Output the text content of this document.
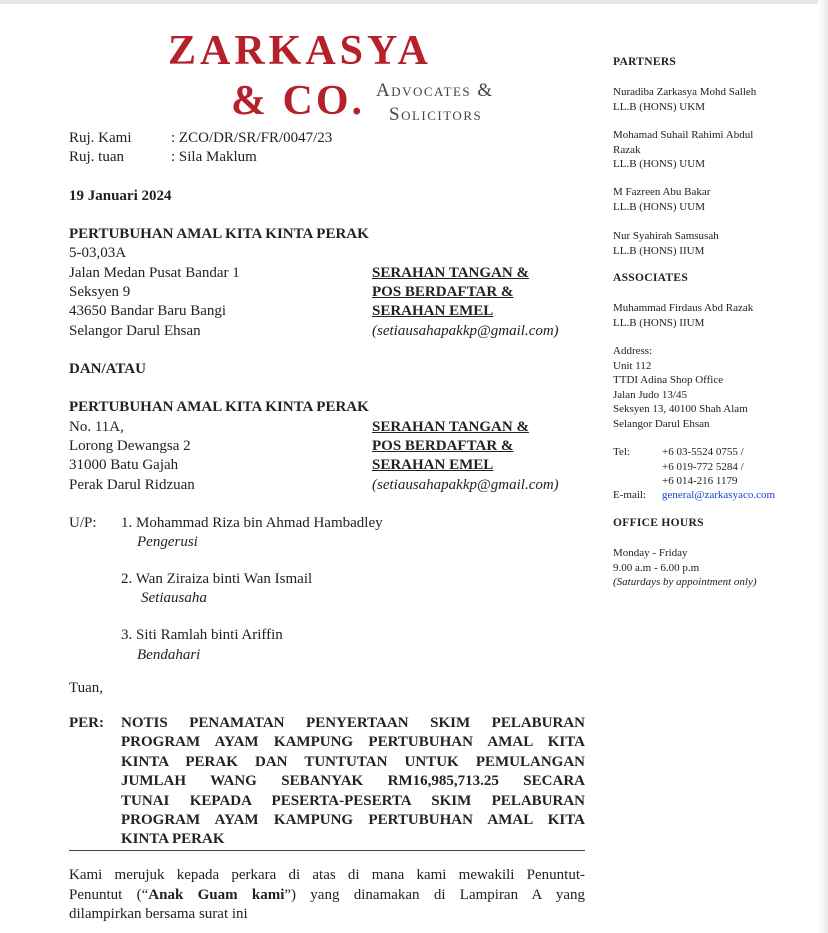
ZARKASYA
& CO. Advocates &
Solicitors
Ruj. Kami	: ZCO/DR/SR/FR/0047/23
Ruj. tuan	: Sila Maklum
19 Januari 2024
PERTUBUHAN AMAL KITA KINTA PERAK
5-03,03A
Jalan Medan Pusat Bandar 1
Seksyen 9
43650 Bandar Baru Bangi
Selangor Darul Ehsan
SERAHAN TANGAN &
POS BERDAFTAR &
SERAHAN EMEL
(setiausahapakkp@gmail.com)
DAN/ATAU
PERTUBUHAN AMAL KITA KINTA PERAK
No. 11A,
Lorong Dewangsa 2
31000 Batu Gajah
Perak Darul Ridzuan
SERAHAN TANGAN &
POS BERDAFTAR &
SERAHAN EMEL
(setiausahapakkp@gmail.com)
U/P: 1. Mohammad Riza bin Ahmad Hambadley
Pengerusi
2. Wan Ziraiza binti Wan Ismail
Setiausaha
3. Siti Ramlah binti Ariffin
Bendahari
Tuan,
PER: NOTIS PENAMATAN PENYERTAAN SKIM PELABURAN
PROGRAM AYAM KAMPUNG PERTUBUHAN AMAL KITA
KINTA PERAK DAN TUNTUTAN UNTUK PEMULANGAN
JUMLAH WANG SEBANYAK RM16,985,713.25 SECARA
TUNAI KEPADA PESERTA-PESERTA SKIM PELABURAN
PROGRAM AYAM KAMPUNG PERTUBUHAN AMAL KITA
KINTA PERAK
Kami merujuk kepada perkara di atas di mana kami mewakili Penuntut-
Penuntut (“Anak Guam kami”) yang dinamakan di Lampiran A yang
dilampirkan bersama surat ini
PARTNERS
Nuradiba Zarkasya Mohd Salleh
LL.B (HONS) UKM
Mohamad Suhail Rahimi Abdul
Razak
LL.B (HONS) UUM
M Fazreen Abu Bakar
LL.B (HONS) UUM
Nur Syahirah Samsusah
LL.B (HONS) IIUM
ASSOCIATES
Muhammad Firdaus Abd Razak
LL.B (HONS) IIUM
Address:
Unit 112
TTDI Adina Shop Office
Jalan Judo 13/45
Seksyen 13, 40100 Shah Alam
Selangor Darul Ehsan
Tel:	+6 03-5524 0755 /
+6 019-772 5284 /
+6 014-216 1179
E-mail: general@zarkasyaco.com
OFFICE HOURS
Monday - Friday
9.00 a.m - 6.00 p.m
(Saturdays by appointment only)
